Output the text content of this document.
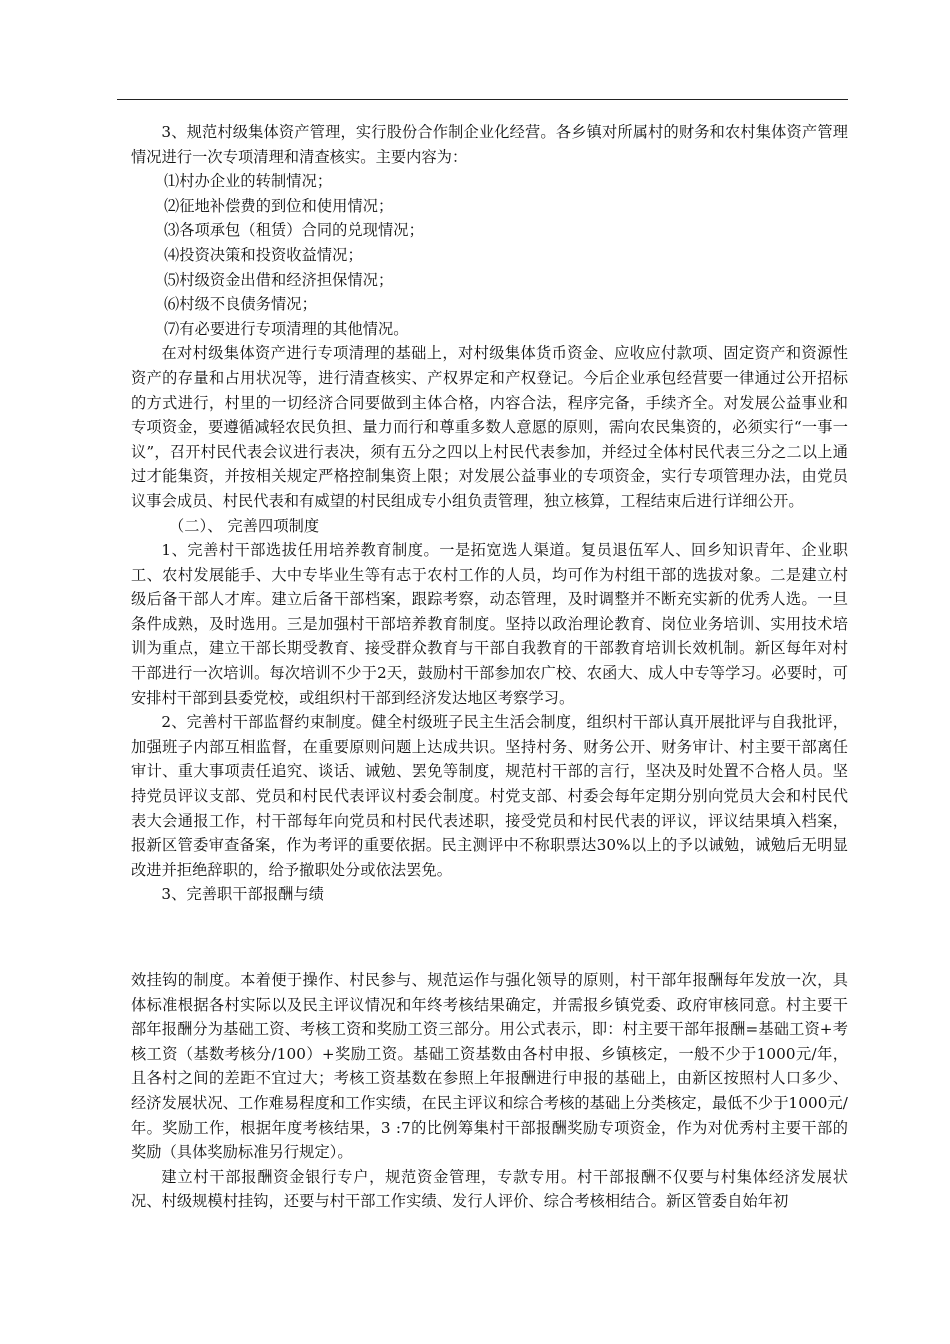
3、规范村级集体资产管理，实行股份合作制企业化经营。各乡镇对所属村的财务和农村集体资产管理情况进行一次专项清理和清查核实。主要内容为：

⑴村办企业的转制情况；

⑵征地补偿费的到位和使用情况；

⑶各项承包（租赁）合同的兑现情况；

⑷投资决策和投资收益情况；

⑸村级资金出借和经济担保情况；

⑹村级不良债务情况；

⑺有必要进行专项清理的其他情况。

在对村级集体资产进行专项清理的基础上，对村级集体货币资金、应收应付款项、固定资产和资源性资产的存量和占用状况等，进行清查核实、产权界定和产权登记。今后企业承包经营要一律通过公开招标的方式进行，村里的一切经济合同要做到主体合格，内容合法，程序完备，手续齐全。对发展公益事业和专项资金，要遵循减轻农民负担、量力而行和尊重多数人意愿的原则，需向农民集资的，必须实行“一事一议”，召开村民代表会议进行表决，须有五分之四以上村民代表参加，并经过全体村民代表三分之二以上通过才能集资，并按相关规定严格控制集资上限；对发展公益事业的专项资金，实行专项管理办法，由党员议事会成员、村民代表和有威望的村民组成专小组负责管理，独立核算，工程结束后进行详细公开。

（二）、 完善四项制度

1、完善村干部选拔任用培养教育制度。一是拓宽选人渠道。复员退伍军人、回乡知识青年、企业职工、农村发展能手、大中专毕业生等有志于农村工作的人员，均可作为村组干部的选拔对象。二是建立村级后备干部人才库。建立后备干部档案，跟踪考察，动态管理，及时调整并不断充实新的优秀人选。一旦条件成熟，及时选用。三是加强村干部培养教育制度。坚持以政治理论教育、岗位业务培训、实用技术培训为重点，建立干部长期受教育、接受群众教育与干部自我教育的干部教育培训长效机制。新区每年对村干部进行一次培训。每次培训不少于2天，鼓励村干部参加农广校、农函大、成人中专等学习。必要时，可安排村干部到县委党校，或组织村干部到经济发达地区考察学习。

2、完善村干部监督约束制度。健全村级班子民主生活会制度，组织村干部认真开展批评与自我批评，加强班子内部互相监督，在重要原则问题上达成共识。坚持村务、财务公开、财务审计、村主要干部离任审计、重大事项责任追究、谈话、诫勉、罢免等制度，规范村干部的言行，坚决及时处置不合格人员。坚持党员评议支部、党员和村民代表评议村委会制度。村党支部、村委会每年定期分别向党员大会和村民代表大会通报工作，村干部每年向党员和村民代表述职，接受党员和村民代表的评议，评议结果填入档案，报新区管委审查备案，作为考评的重要依据。民主测评中不称职票达30%以上的予以诫勉，诫勉后无明显改进并拒绝辞职的，给予撤职处分或依法罢免。

3、完善职干部报酬与绩

效挂钩的制度。本着便于操作、村民参与、规范运作与强化领导的原则，村干部年报酬每年发放一次，具体标准根据各村实际以及民主评议情况和年终考核结果确定，并需报乡镇党委、政府审核同意。村主要干部年报酬分为基础工资、考核工资和奖励工资三部分。用公式表示，即：村主要干部年报酬=基础工资+考核工资（基数考核分/100）+奖励工资。基础工资基数由各村申报、乡镇核定，一般不少于1000元/年，且各村之间的差距不宜过大；考核工资基数在参照上年报酬进行申报的基础上，由新区按照村人口多少、经济发展状况、工作难易程度和工作实绩，在民主评议和综合考核的基础上分类核定，最低不少于1000元/年。奖励工作，根据年度考核结果，3 :7的比例筹集村干部报酬奖励专项资金，作为对优秀村主要干部的奖励（具体奖励标准另行规定）。

建立村干部报酬资金银行专户，规范资金管理，专款专用。村干部报酬不仅要与村集体经济发展状况、村级规模村挂钩，还要与村干部工作实绩、发行人评价、综合考核相结合。新区管委自始年初
